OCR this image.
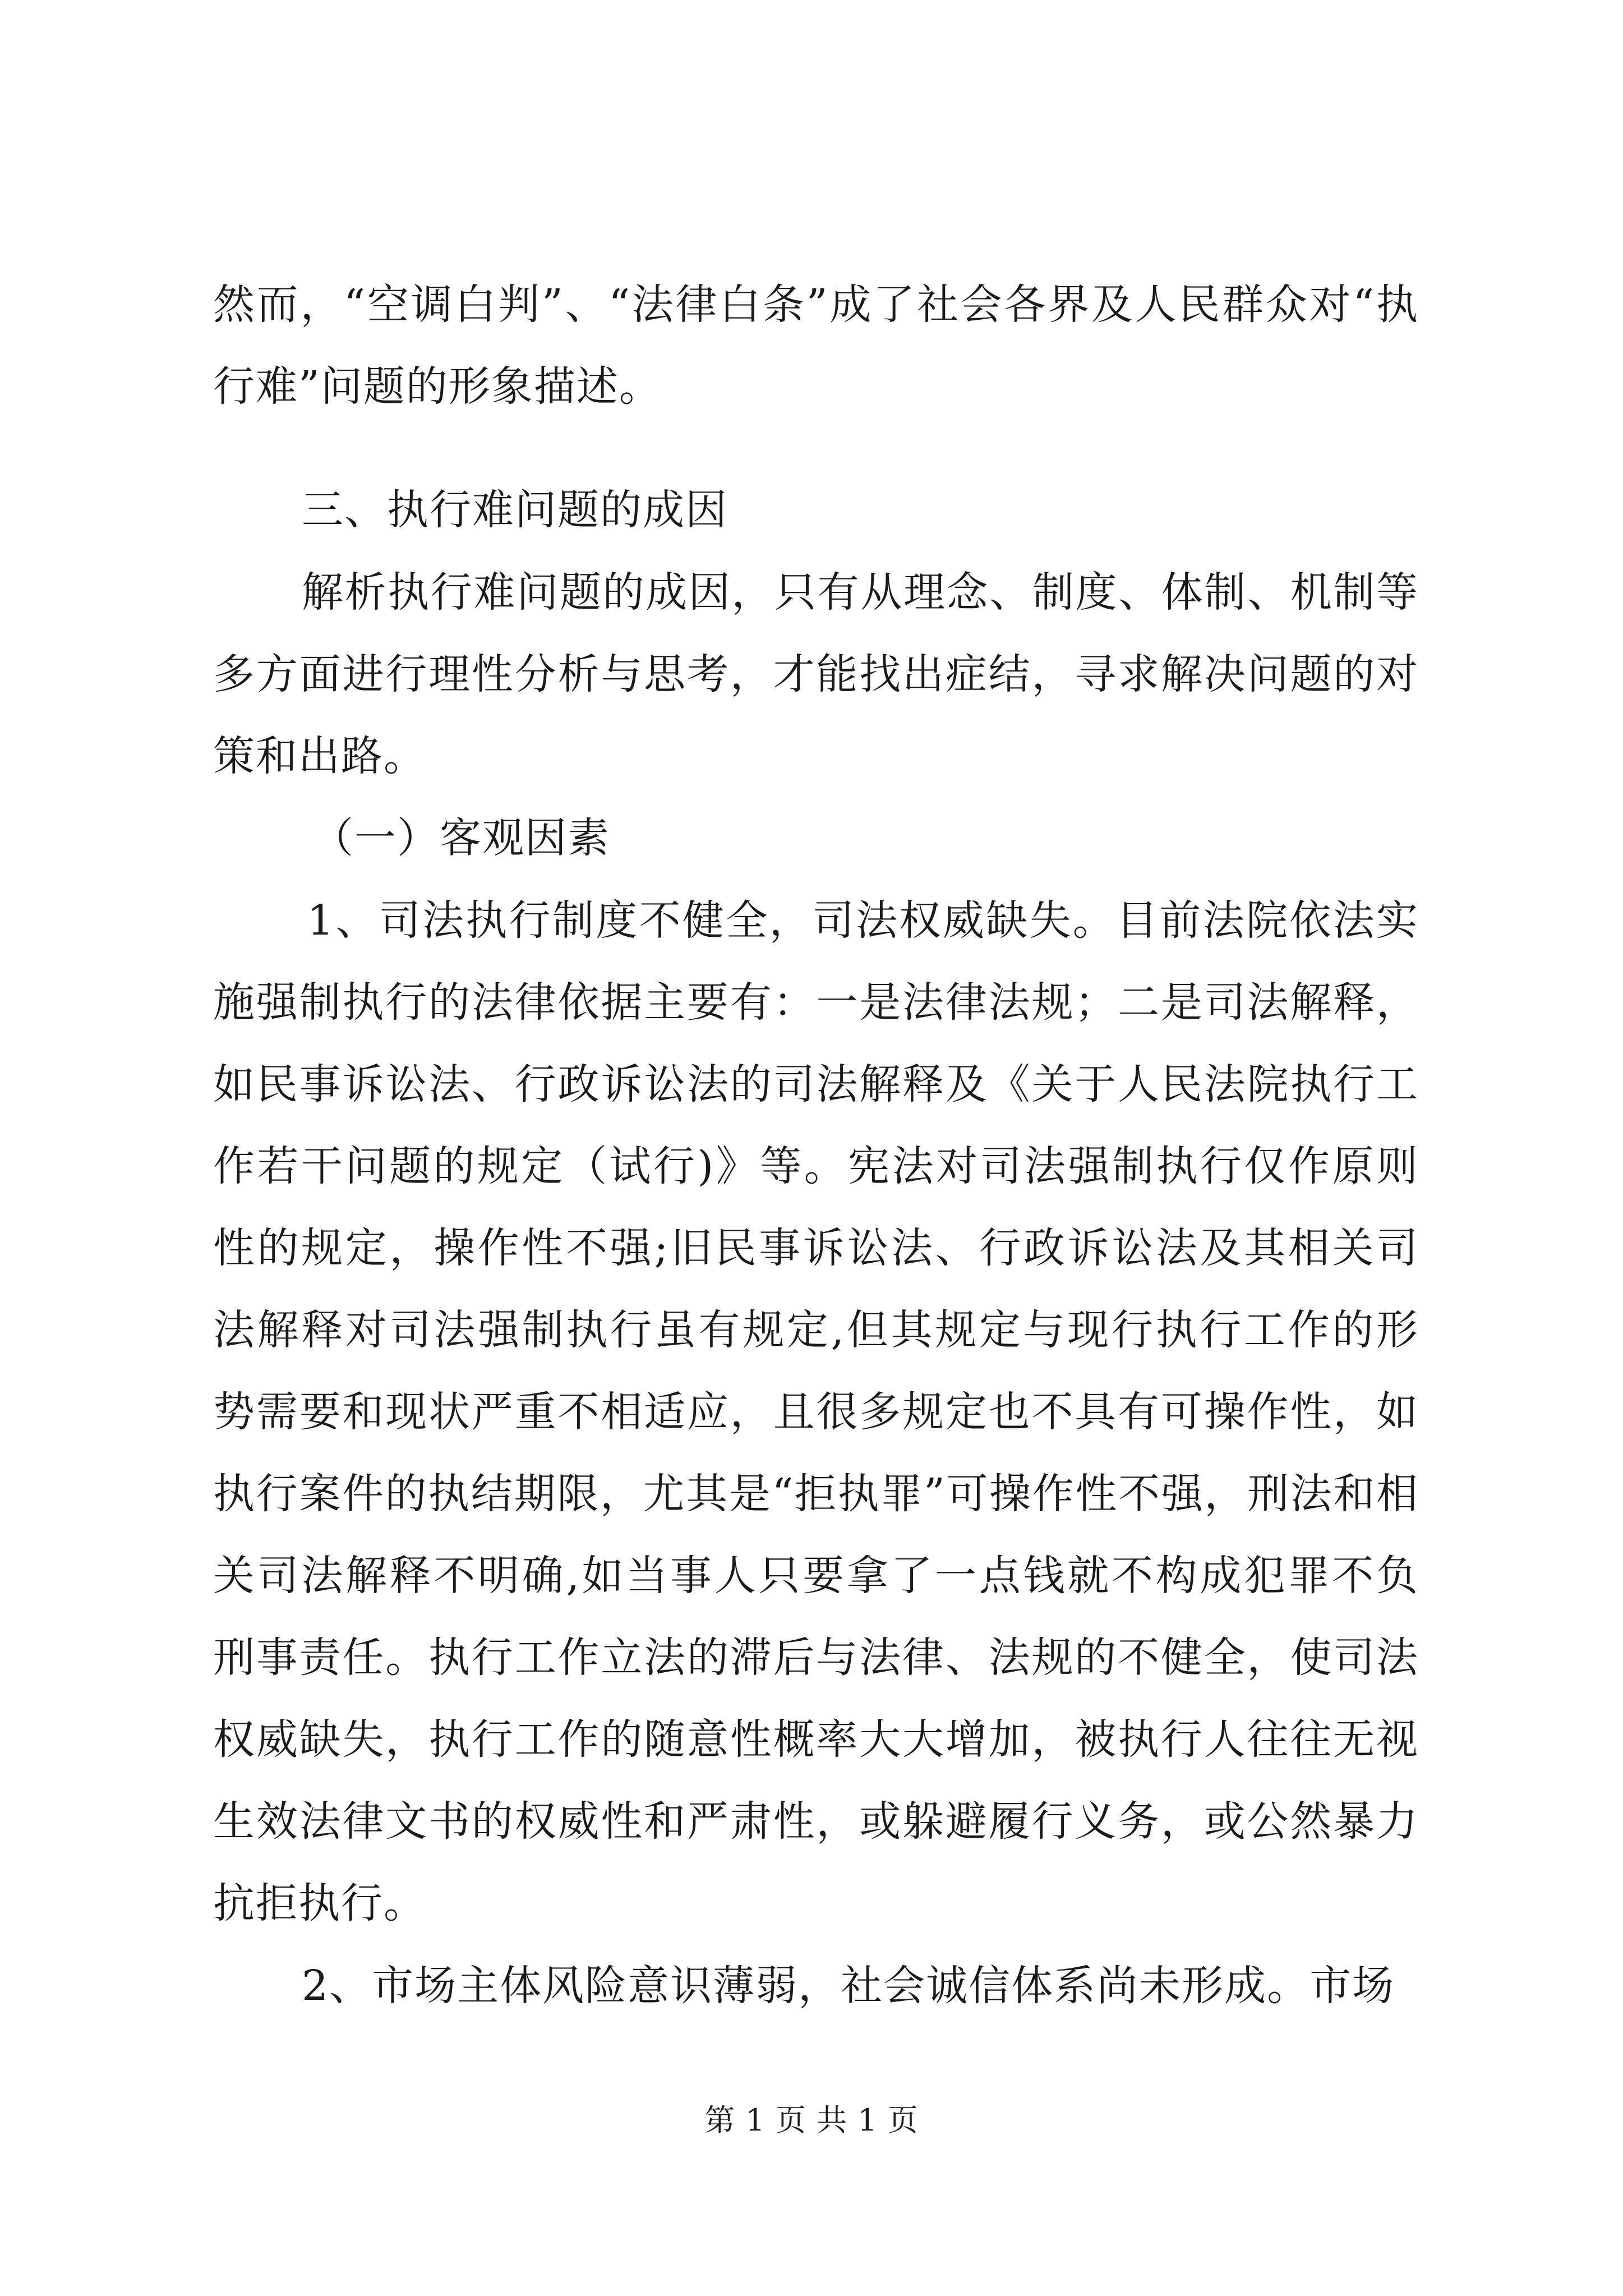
然而，“空调白判”、“法律白条”成了社会各界及人民群众对“执行难”问题的形象描述。

三、执行难问题的成因

解析执行难问题的成因，只有从理念、制度、体制、机制等多方面进行理性分析与思考，才能找出症结，寻求解决问题的对策和出路。

（一）客观因素

1、司法执行制度不健全，司法权威缺失。目前法院依法实施强制执行的法律依据主要有：一是法律法规；二是司法解释，如民事诉讼法、行政诉讼法的司法解释及《关于人民法院执行工作若干问题的规定（试行)》等。宪法对司法强制执行仅作原则性的规定，操作性不强;旧民事诉讼法、行政诉讼法及其相关司法解释对司法强制执行虽有规定,但其规定与现行执行工作的形势需要和现状严重不相适应，且很多规定也不具有可操作性，如执行案件的执结期限，尤其是“拒执罪”可操作性不强，刑法和相关司法解释不明确,如当事人只要拿了一点钱就不构成犯罪不负刑事责任。执行工作立法的滞后与法律、法规的不健全，使司法权威缺失，执行工作的随意性概率大大增加，被执行人往往无视生效法律文书的权威性和严肃性，或躲避履行义务，或公然暴力抗拒执行。

2、市场主体风险意识薄弱，社会诚信体系尚未形成。市场

第 1 页 共 1 页
